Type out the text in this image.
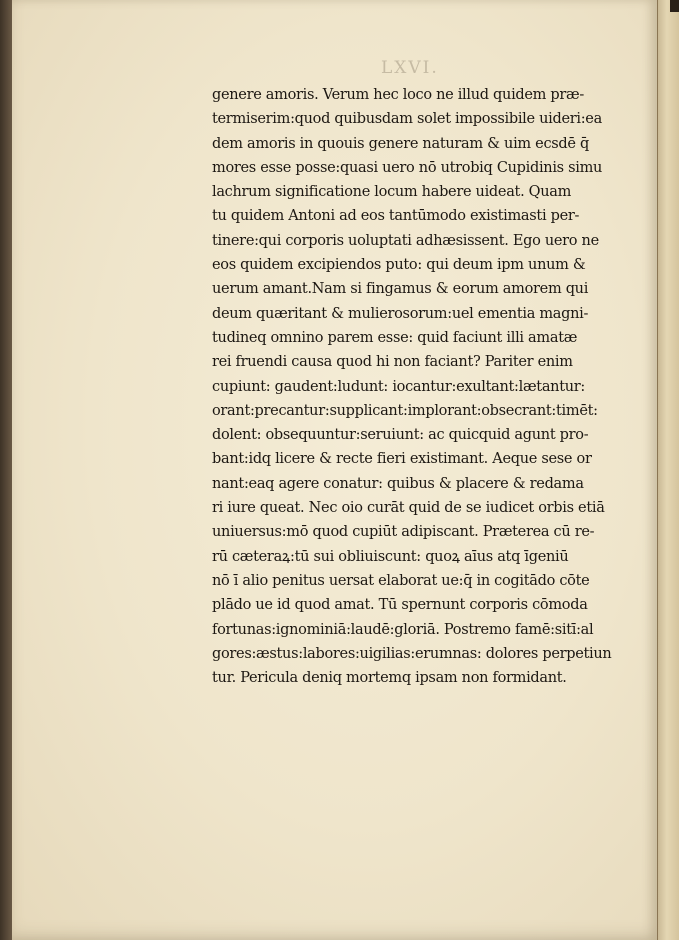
LXVI.

genere amoris. Verum hec loco ne illud quidem præ-
termiserim:quod quibusdam solet impossibile uideri:ea
dem amoris in quouis genere naturam & uim ecsdē q̄
mores esse posse:quasi uero nō utrobiq Cupidinis simu
lachrum significatione locum habere uideat. Quam
tu quidem Antoni ad eos tantūmodo existimasti per-
tinere:qui corporis uoluptati adhæsissent. Ego uero ne
eos quidem excipiendos puto: qui deum ipm unum &
uerum amant.Nam si fingamus & eorum amorem qui
deum quæritant & mulierosorum:uel ementia magni-
tudineq omnino parem esse: quid faciunt illi amatæ
rei fruendi causa quod hi non faciant? Pariter enim
cupiunt: gaudent:ludunt: iocantur:exultant:lætantur:
orant:precantur:supplicant:implorant:obsecrant:timēt:
dolent: obsequuntur:seruiunt: ac quicquid agunt pro-
bant:idq licere & recte fieri existimant. Aeque sese or
nant:eaq agere conatur: quibus & placere & redama
ri iure queat. Nec oio curāt quid de se iudicet orbis etiā
uniuersus:mō quod cupiūt adipiscant. Præterea cū re-
rū cæteraꝝ:tū sui obliuiscunt: quoꝝ aīus atq īgeniū
nō ī alio penitus uersat elaborat ue:q̄ in cogitādo cōte
plādo ue id quod amat. Tū spernunt corporis cōmoda
fortunas:ignominiā:laudē:gloriā. Postremo famē:sitī:al
gores:æstus:labores:uigilias:erumnas: dolores perpetiun
tur. Pericula deniq mortemq ipsam non formidant.
